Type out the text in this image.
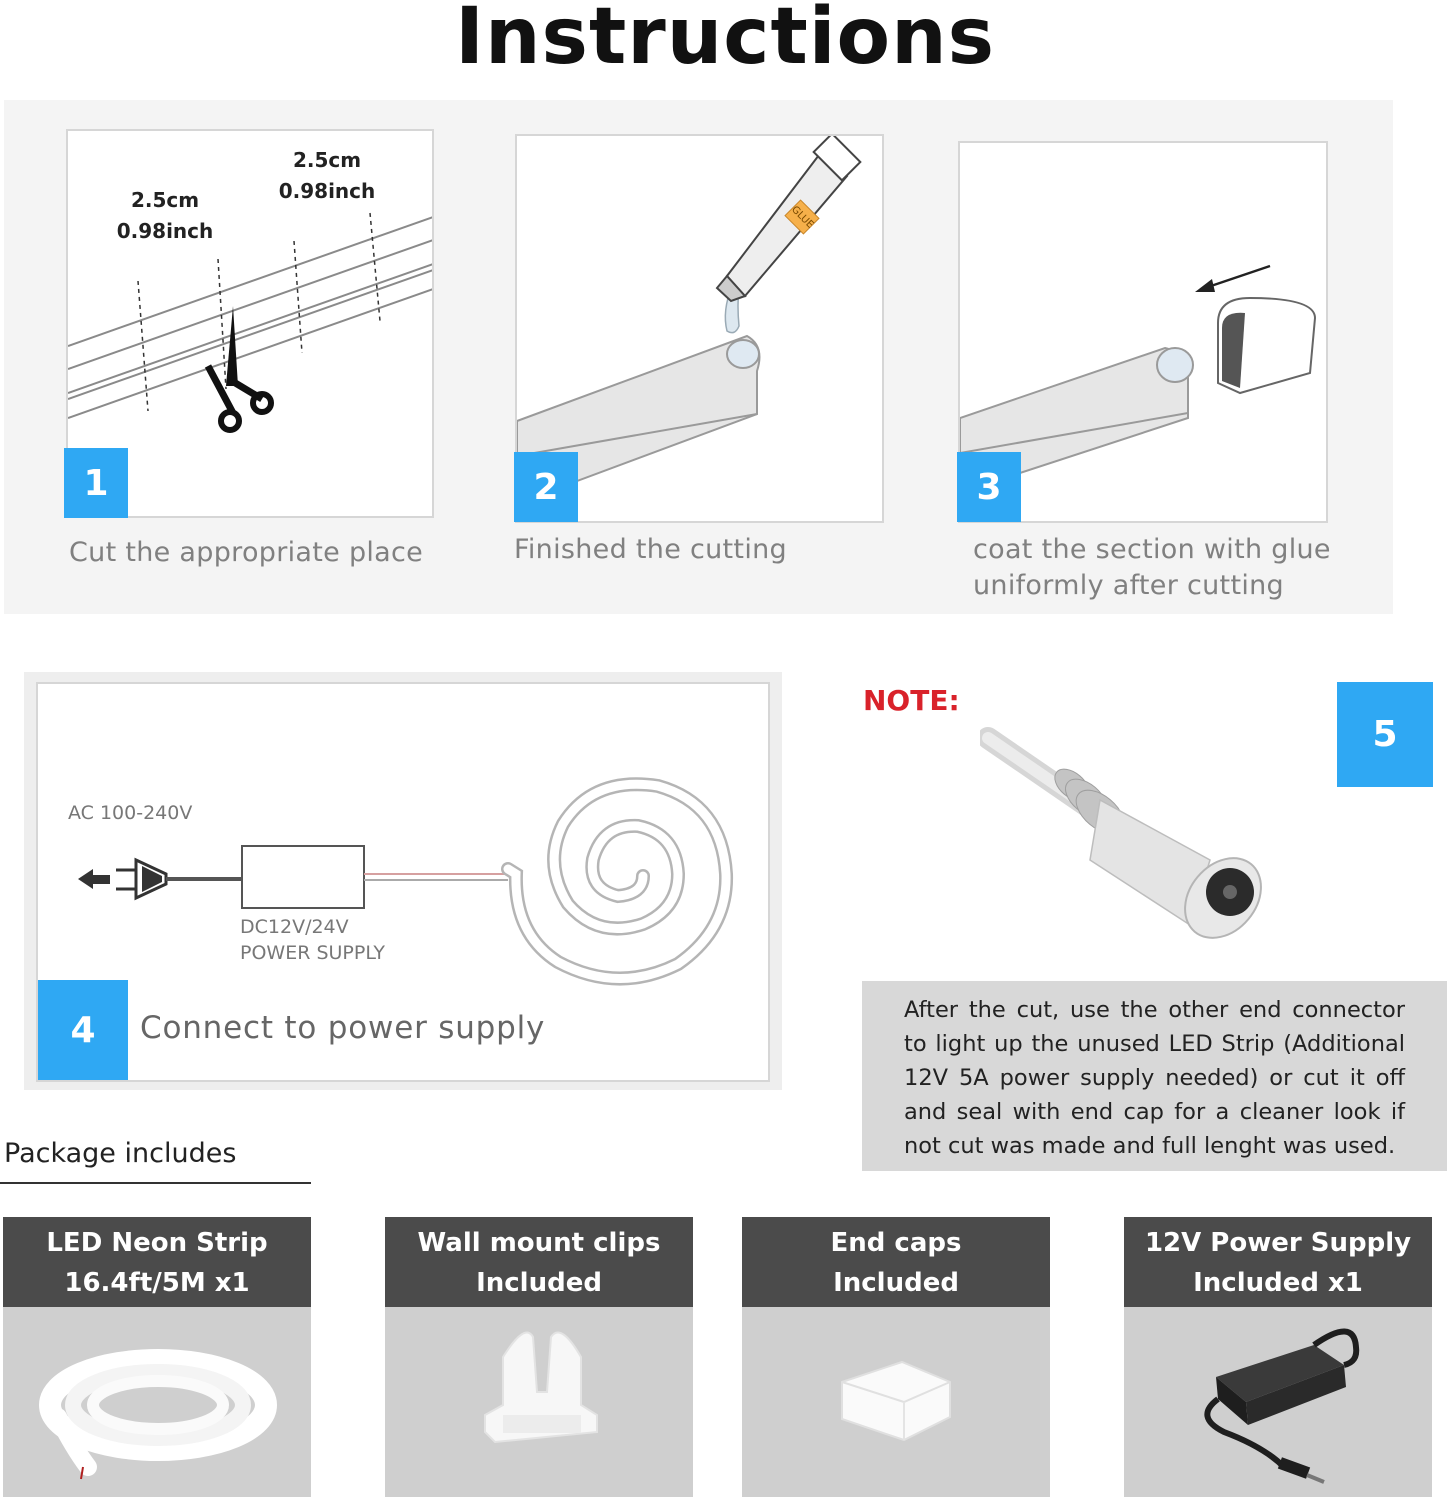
Instructions
2.5cm
0.98inch
2.5cm
0.98inch
1
Cut the appropriate place
GLUE
2
Finished the cutting
3
coat the section with glue
uniformly after cutting
AC 100-240V
DC12V/24V
POWER SUPPLY
4	Connect to power supply
NOTE:
5
After the cut, use the other end connector to light up the unused LED Strip (Additional 12V 5A power supply needed) or cut it off and seal with end cap for a cleaner look if not cut was made and full lenght was used.
Package includes
LED Neon Strip
16.4ft/5M x1
Wall mount clips
Included
End caps
Included
12V Power Supply
Included x1
